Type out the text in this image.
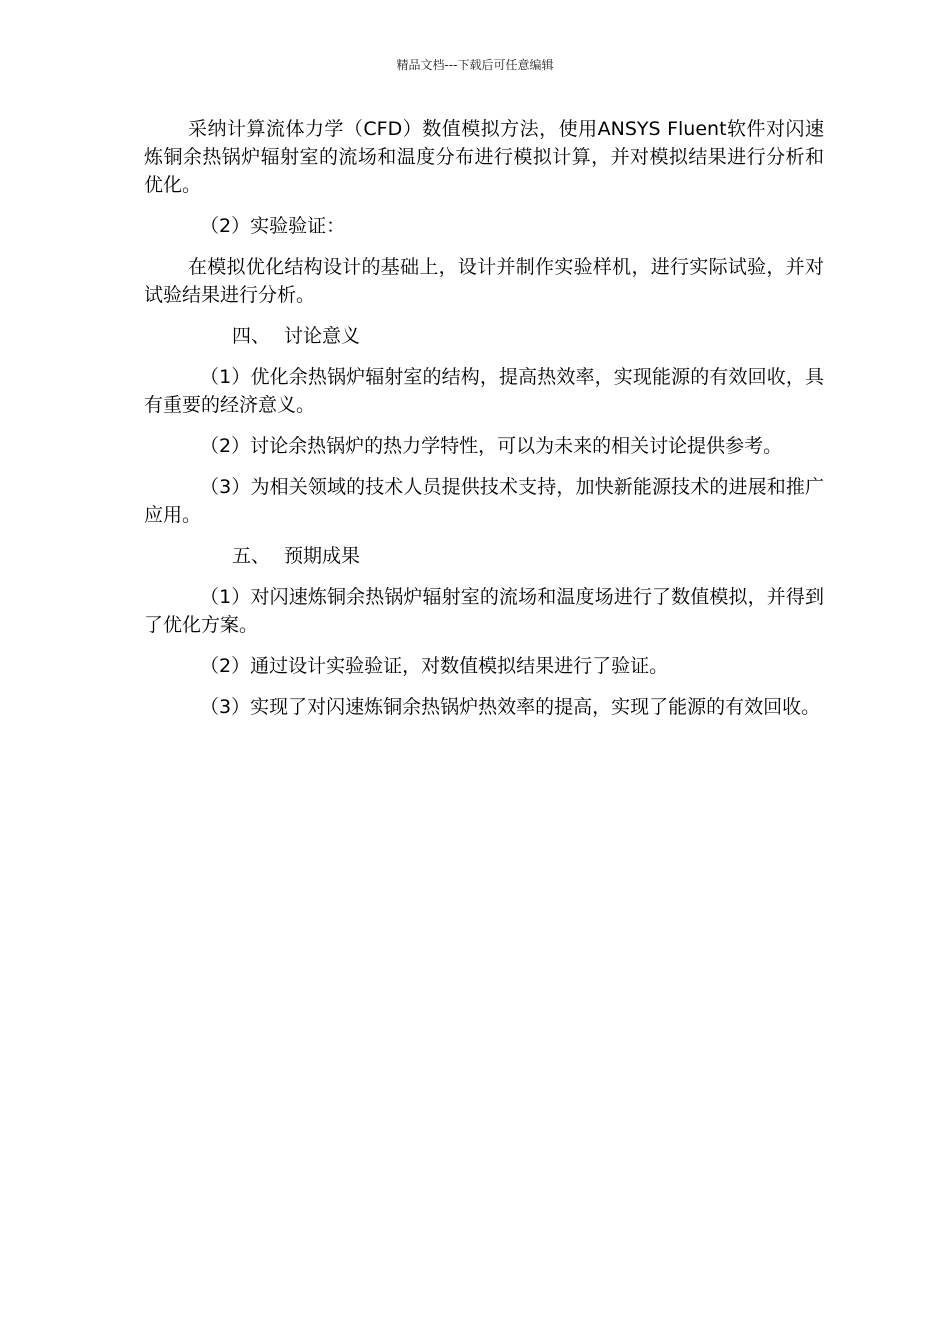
精品文档---下载后可任意编辑

采纳计算流体力学（CFD）数值模拟方法，使用ANSYS Fluent软件对闪速炼铜余热锅炉辐射室的流场和温度分布进行模拟计算，并对模拟结果进行分析和优化。

（2）实验验证：

在模拟优化结构设计的基础上，设计并制作实验样机，进行实际试验，并对试验结果进行分析。

四、 讨论意义

（1）优化余热锅炉辐射室的结构，提高热效率，实现能源的有效回收，具有重要的经济意义。

（2）讨论余热锅炉的热力学特性，可以为未来的相关讨论提供参考。

（3）为相关领域的技术人员提供技术支持，加快新能源技术的进展和推广应用。

五、 预期成果

（1）对闪速炼铜余热锅炉辐射室的流场和温度场进行了数值模拟，并得到了优化方案。

（2）通过设计实验验证，对数值模拟结果进行了验证。

（3）实现了对闪速炼铜余热锅炉热效率的提高，实现了能源的有效回收。
